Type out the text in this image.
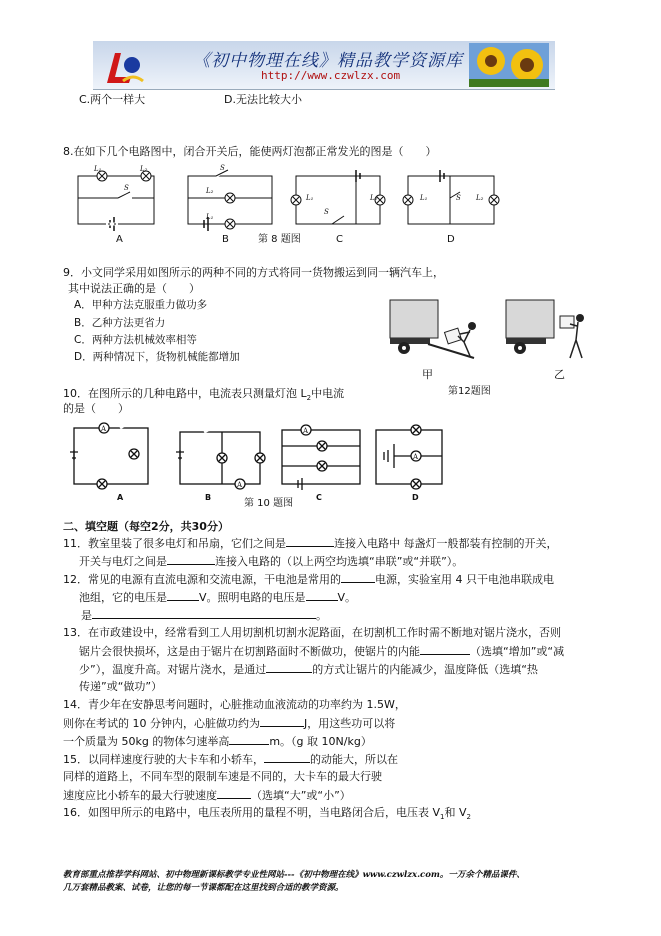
《初中物理在线》精品教学资源库
http://www.czwlzx.com
C.两个一样大	D.无法比较大小
8.在如下几个电路图中，闭合开关后，能使两灯泡都正常发光的图是（　　）
L₁	L₂
S
S
L₂
L₁
L₁	L₂
S
L₁	S L₂
A	B	C	D
第 8 题图
9．小文同学采用如图所示的两种不同的方式将同一货物搬运到同一辆汽车上，
其中说法正确的是（　　）
A．甲种方法克服重力做功多
B．乙种方法更省力
C．两种方法机械效率相等
D．两种情况下，货物机械能都增加
甲
第12题图
乙
10．在图所示的几种电路中，电流表只测量灯泡 $L_2$中电流
的是（　　）
A
A
A
A
A	B	C	D
第 10 题图
二、填空题（每空2分，共30分）
11．教室里装了很多电灯和吊扇，它们之间是	连接入电路中 每盏灯一般都装有控制的开关，
开关与电灯之间是	连接入电路的（以上两空均选填“串联”或“并联”）。
12．常见的电源有直流电源和交流电源，干电池是常用的	电源，实验室用 4 只干电池串联成电
池组，它的电压是	V。照明电路的电压是	V。
是	。
13．在市政建设中，经常看到工人用切割机切割水泥路面，在切割机工作时需不断地对锯片浇水，否则
锯片会很快损坏，这是由于锯片在切割路面时不断做功，使锯片的内能	（选填“增加”或“减
少”），温度升高。对锯片浇水，是通过	的方式让锯片的内能减少，温度降低（选填“热
传递”或“做功”）
14．青少年在安静思考问题时，心脏推动血液流动的功率约为 1.5W，
则你在考试的 10 分钟内，心脏做功约为	J，用这些功可以将
一个质量为 50kg 的物体匀速举高	m。（g 取 10N/kg）
15．以同样速度行驶的大卡车和小轿车，	的动能大，所以在
同样的道路上，不同车型的限制车速是不同的，大卡车的最大行驶
速度应比小轿车的最大行驶速度	（选填“大”或“小”）
16．如图甲所示的电路中，电压表所用的量程不明，当电路闭合后，电压表 $V_1$和 $V_2$
教育部重点推荐学科网站、初中物理新课标教学专业性网站---《初中物理在线》www.czwlzx.com。一万余个精品课件、
几万套精品教案、试卷，让您的每一节课都配在这里找到合适的教学资源。
